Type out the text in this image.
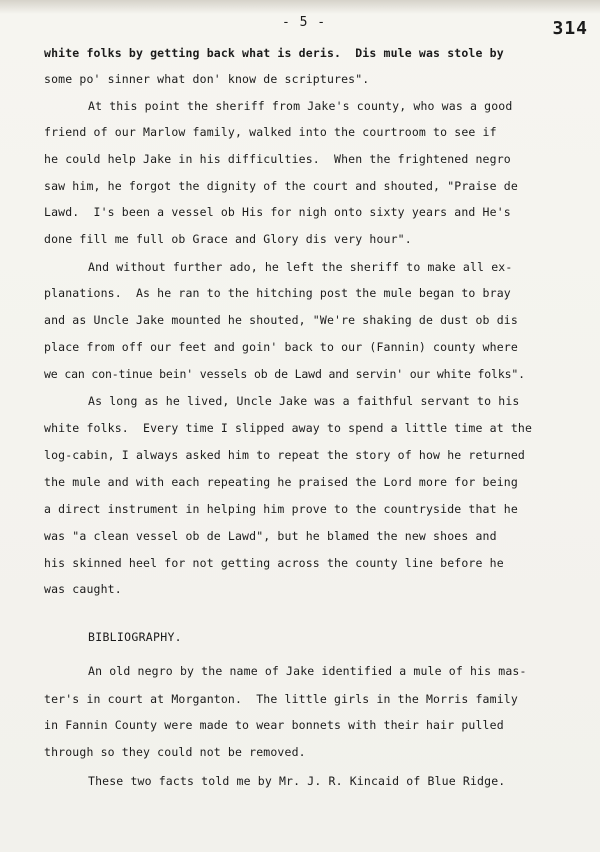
- 5 -	314
white folks by getting back what is deris.  Dis mule was stole by
some po' sinner what don' know de scriptures".
At this point the sheriff from Jake's county, who was a good
friend of our Marlow family, walked into the courtroom to see if
he could help Jake in his difficulties.  When the frightened negro
saw him, he forgot the dignity of the court and shouted, "Praise de
Lawd.  I's been a vessel ob His for nigh onto sixty years and He's
done fill me full ob Grace and Glory dis very hour".
And without further ado, he left the sheriff to make all ex-
planations.  As he ran to the hitching post the mule began to bray
and as Uncle Jake mounted he shouted, "We're shaking de dust ob dis
place from off our feet and goin' back to our (Fannin) county where
we can con-tinue bein' vessels ob de Lawd and servin' our white folks".
As long as he lived, Uncle Jake was a faithful servant to his
white folks.  Every time I slipped away to spend a little time at the
log-cabin, I always asked him to repeat the story of how he returned
the mule and with each repeating he praised the Lord more for being
a direct instrument in helping him prove to the countryside that he
was "a clean vessel ob de Lawd", but he blamed the new shoes and
his skinned heel for not getting across the county line before he
was caught.
BIBLIOGRAPHY.
An old negro by the name of Jake identified a mule of his mas-
ter's in court at Morganton.  The little girls in the Morris family
in Fannin County were made to wear bonnets with their hair pulled
through so they could not be removed.
These two facts told me by Mr. J. R. Kincaid of Blue Ridge.
